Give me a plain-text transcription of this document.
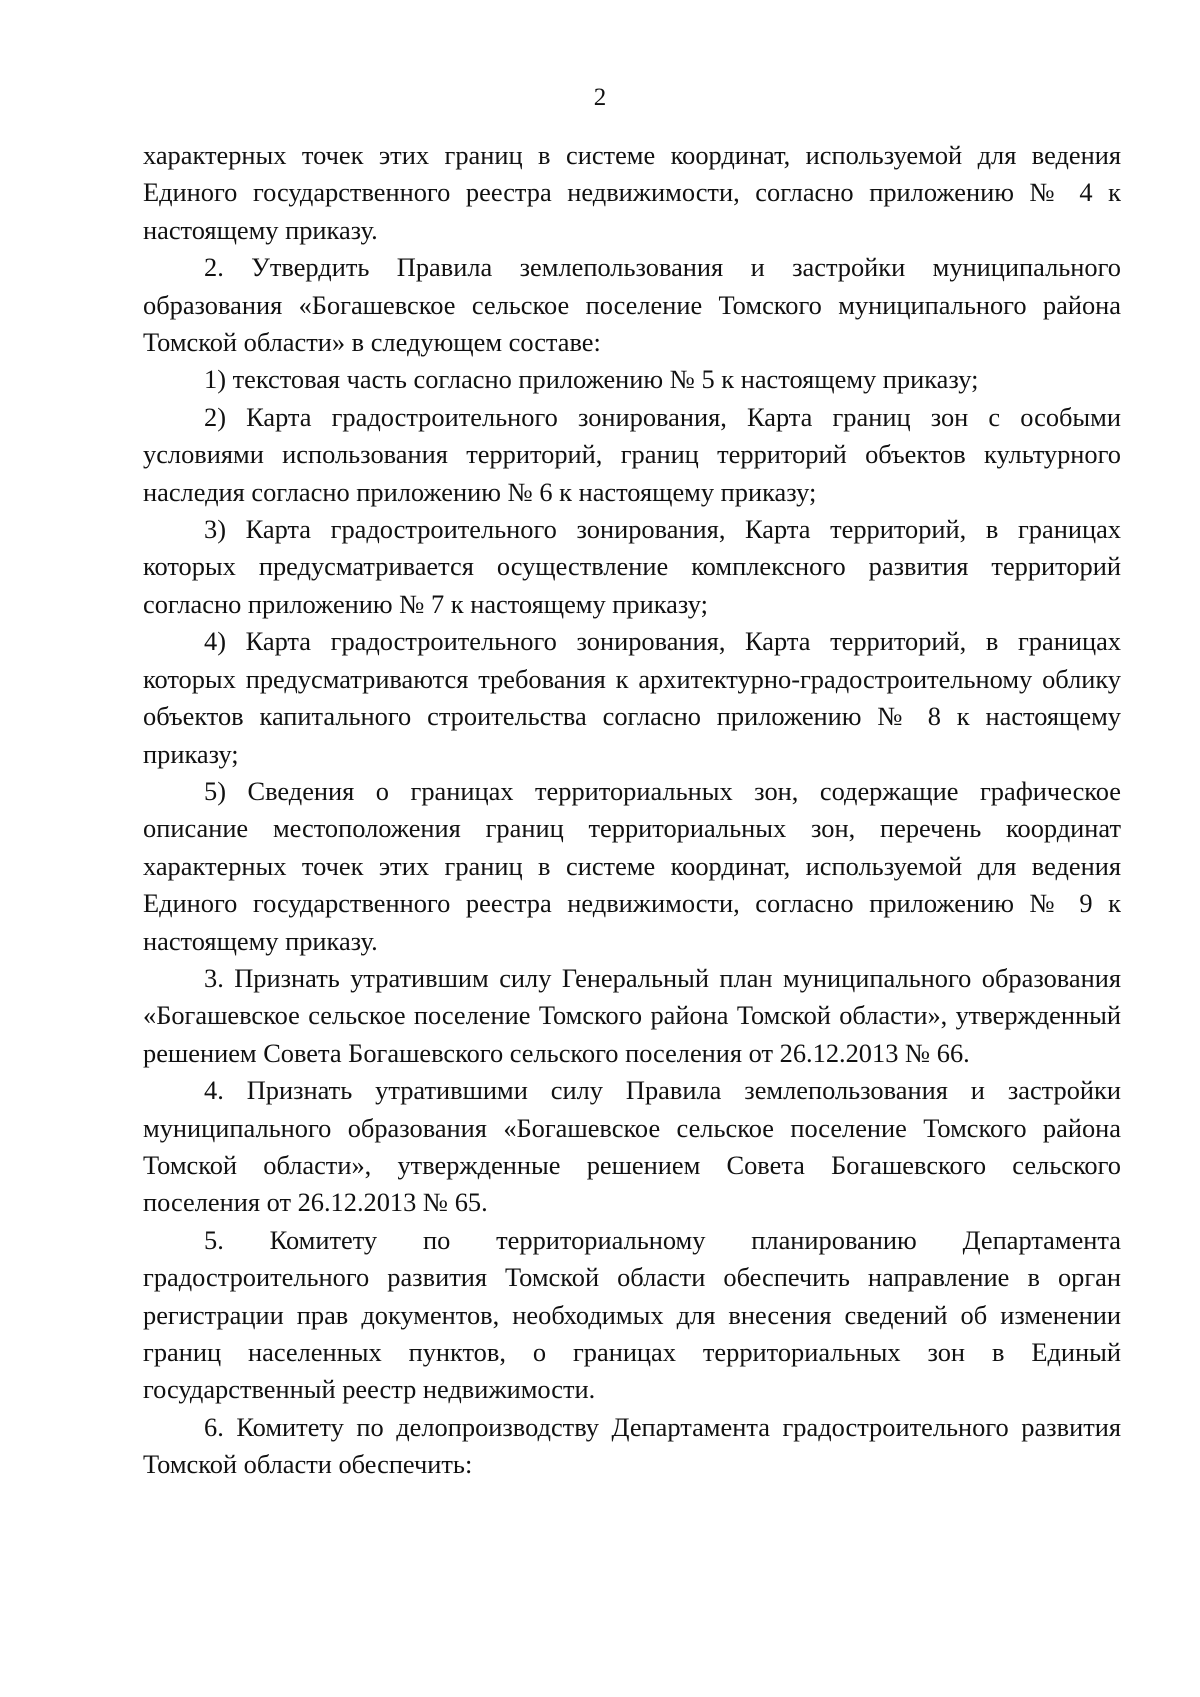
2

характерных точек этих границ в системе координат, используемой для ведения Единого государственного реестра недвижимости, согласно приложению № 4 к настоящему приказу.

2. Утвердить Правила землепользования и застройки муниципального образования «Богашевское сельское поселение Томского муниципального района Томской области» в следующем составе:

1) текстовая часть согласно приложению № 5 к настоящему приказу;

2) Карта градостроительного зонирования, Карта границ зон с особыми условиями использования территорий, границ территорий объектов культурного наследия согласно приложению № 6 к настоящему приказу;

3) Карта градостроительного зонирования, Карта территорий, в границах которых предусматривается осуществление комплексного развития территорий согласно приложению № 7 к настоящему приказу;

4) Карта градостроительного зонирования, Карта территорий, в границах которых предусматриваются требования к архитектурно-градостроительному облику объектов капитального строительства согласно приложению № 8 к настоящему приказу;

5) Сведения о границах территориальных зон, содержащие графическое описание местоположения границ территориальных зон, перечень координат характерных точек этих границ в системе координат, используемой для ведения Единого государственного реестра недвижимости, согласно приложению № 9 к настоящему приказу.

3. Признать утратившим силу Генеральный план муниципального образования «Богашевское сельское поселение Томского района Томской области», утвержденный решением Совета Богашевского сельского поселения от 26.12.2013 № 66.

4. Признать утратившими силу Правила землепользования и застройки муниципального образования «Богашевское сельское поселение Томского района Томской области», утвержденные решением Совета Богашевского сельского поселения от 26.12.2013 № 65.

5. Комитету по территориальному планированию Департамента градостроительного развития Томской области обеспечить направление в орган регистрации прав документов, необходимых для внесения сведений об изменении границ населенных пунктов, о границах территориальных зон в Единый государственный реестр недвижимости.

6. Комитету по делопроизводству Департамента градостроительного развития Томской области обеспечить:
